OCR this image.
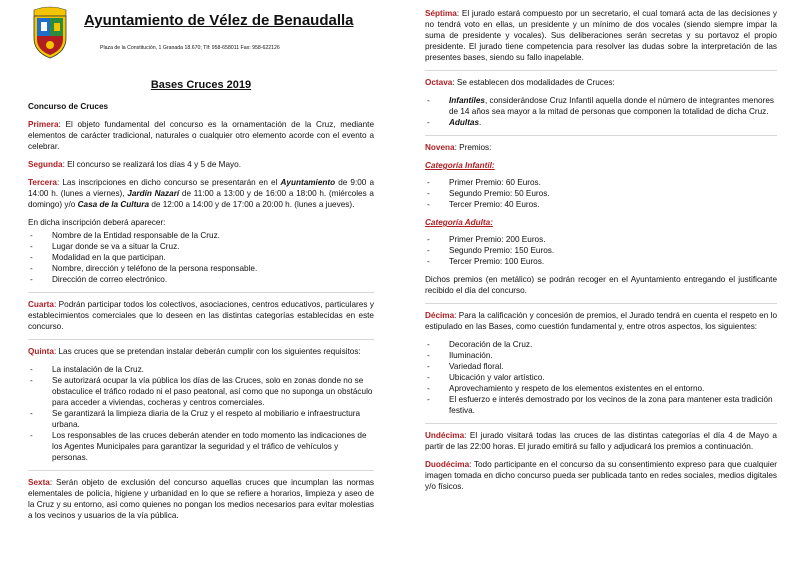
Ayuntamiento de Vélez de Benaudalla
Plaza de la Constitución, 1 Granada 18.670; Tlf: 958-658011 Fax: 958-622126
Bases Cruces 2019
Concurso de Cruces

Primera: El objeto fundamental del concurso es la ornamentación de la Cruz, mediante elementos de carácter tradicional, naturales o cualquier otro elemento acorde con el evento a celebrar.

Segunda: El concurso se realizará los días 4 y 5 de Mayo.

Tercera: Las inscripciones en dicho concurso se presentarán en el Ayuntamiento de 9:00 a 14:00 h. (lunes a viernes), Jardín Nazarí de 11:00 a 13:00 y de 16:00 a 18:00 h. (miércoles a domingo) y/o Casa de la Cultura de 12:00 a 14:00 y de 17:00 a 20:00 h. (lunes a jueves).

En dicha inscripción deberá aparecer:

- Nombre de la Entidad responsable de la Cruz.
- Lugar donde se va a situar la Cruz.
- Modalidad en la que participan.
- Nombre, dirección y teléfono de la persona responsable.
- Dirección de correo electrónico.

Cuarta: Podrán participar todos los colectivos, asociaciones, centros educativos, particulares y establecimientos comerciales que lo deseen en las distintas categorías establecidas en este concurso.

Quinta: Las cruces que se pretendan instalar deberán cumplir con los siguientes requisitos:

- La instalación de la Cruz.
- Se autorizará ocupar la vía pública los días de las Cruces, solo en zonas donde no se obstaculice el tráfico rodado ni el paso peatonal, así como que no suponga un obstáculo para acceder a viviendas, cocheras y centros comerciales.
- Se garantizará la limpieza diaria de la Cruz y el respeto al mobiliario e infraestructura urbana.
- Los responsables de las cruces deberán atender en todo momento las indicaciones de los Agentes Municipales para garantizar la seguridad y el tráfico de vehículos y personas.

Sexta: Serán objeto de exclusión del concurso aquellas cruces que incumplan las normas elementales de policía, higiene y urbanidad en lo que se refiere a horarios, limpieza y aseo de la Cruz y su entorno, así como quienes no pongan los medios necesarios para evitar molestias a los vecinos y usuarios de la vía pública.

Séptima: El jurado estará compuesto por un secretario, el cual tomará acta de las decisiones y no tendrá voto en ellas, un presidente y un mínimo de dos vocales (siendo siempre impar la suma de presidente y vocales). Sus deliberaciones serán secretas y su portavoz el propio presidente. El jurado tiene competencia para resolver las dudas sobre la interpretación de las presentes bases, siendo su fallo inapelable.

Octava: Se establecen dos modalidades de Cruces:

- Infantiles, considerándose Cruz Infantil aquella donde el número de integrantes menores de 14 años sea mayor a la mitad de personas que componen la totalidad de dicha Cruz.
- Adultas.

Novena: Premios:

Categoría Infantil:
- Primer Premio: 60 Euros.
- Segundo Premio: 50 Euros.
- Tercer Premio: 40 Euros.
Categoría Adulta:
- Primer Premio: 200 Euros.
- Segundo Premio: 150 Euros.
- Tercer Premio: 100 Euros.

Dichos premios (en metálico) se podrán recoger en el Ayuntamiento entregando el justificante recibido el día del concurso.

Décima: Para la calificación y concesión de premios, el Jurado tendrá en cuenta el respeto en lo estipulado en las Bases, como cuestión fundamental y, entre otros aspectos, los siguientes:

- Decoración de la Cruz.
- Iluminación.
- Variedad floral.
- Ubicación y valor artístico.
- Aprovechamiento y respeto de los elementos existentes en el entorno.
- El esfuerzo e interés demostrado por los vecinos de la zona para mantener esta tradición festiva.

Undécima: El jurado visitará todas las cruces de las distintas categorías el día 4 de Mayo a partir de las 22:00 horas. El jurado emitirá su fallo y adjudicará los premios a continuación.

Duodécima: Todo participante en el concurso da su consentimiento expreso para que cualquier imagen tomada en dicho concurso pueda ser publicada tanto en redes sociales, medios digitales y/o físicos.
